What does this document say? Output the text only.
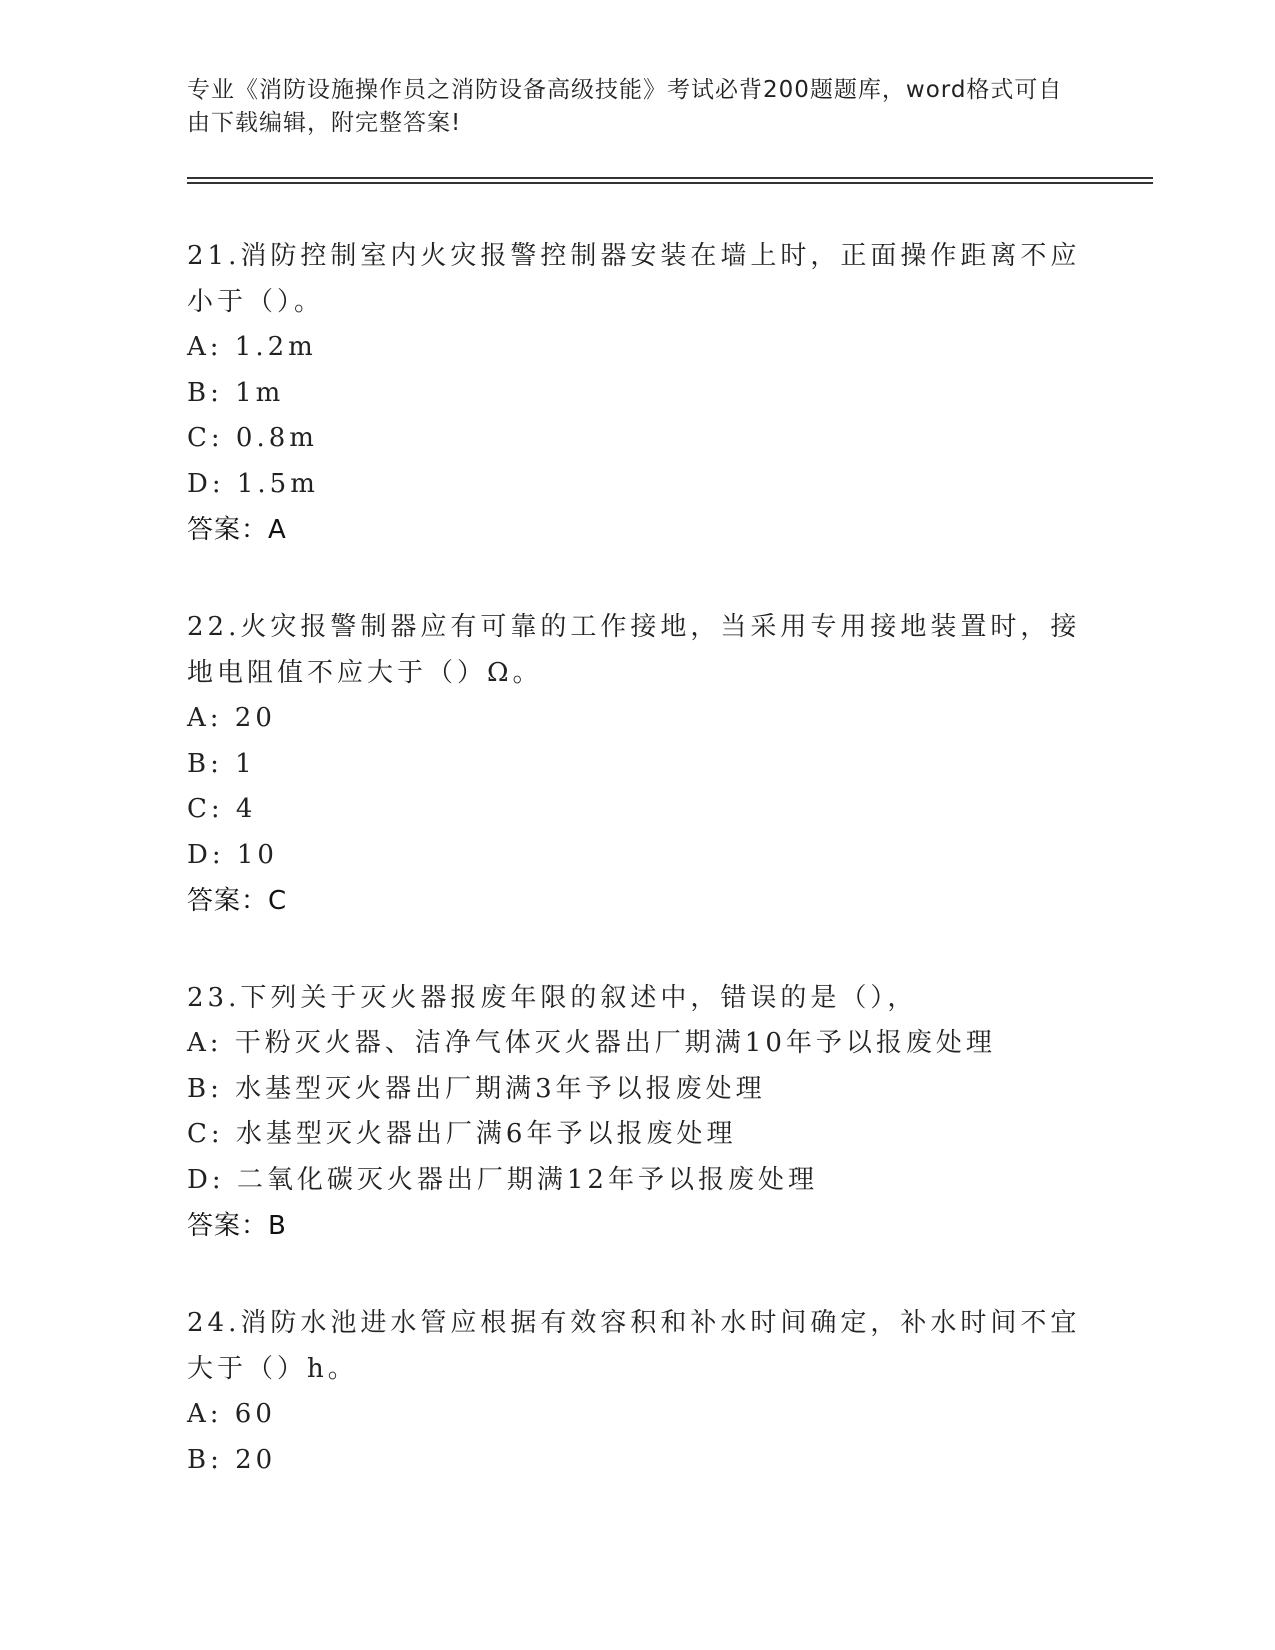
专业《消防设施操作员之消防设备高级技能》考试必背200题题库，word格式可自由下载编辑，附完整答案!
21.消防控制室内火灾报警控制器安装在墙上时，正面操作距离不应小于（）。
A: 1.2m
B: 1m
C: 0.8m
D: 1.5m
答案：A
22.火灾报警制器应有可靠的工作接地，当采用专用接地装置时，接地电阻值不应大于（）Ω。
A: 20
B: 1
C: 4
D: 10
答案：C
23.下列关于灭火器报废年限的叙述中，错误的是（），
A: 干粉灭火器、洁净气体灭火器出厂期满10年予以报废处理
B: 水基型灭火器出厂期满3年予以报废处理
C: 水基型灭火器出厂满6年予以报废处理
D: 二氧化碳灭火器出厂期满12年予以报废处理
答案：B
24.消防水池进水管应根据有效容积和补水时间确定，补水时间不宜大于（）h。
A: 60
B: 20
